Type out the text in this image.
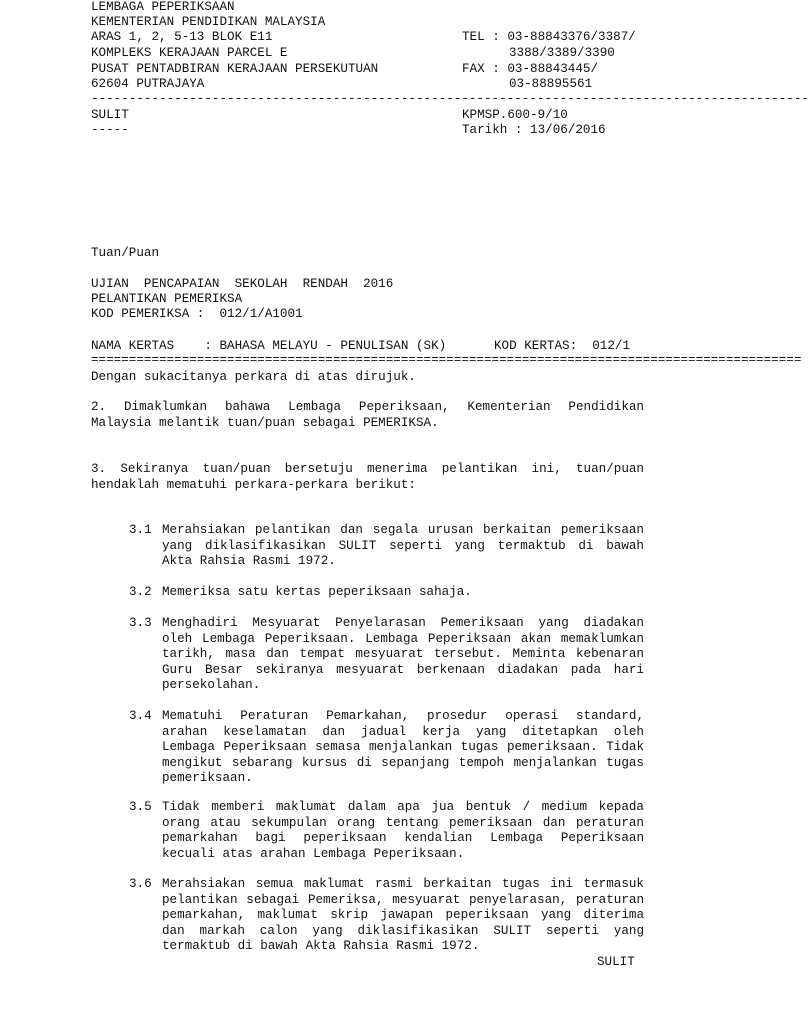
LEMBAGA PEPERIKSAAN
KEMENTERIAN PENDIDIKAN MALAYSIA
ARAS 1, 2, 5-13 BLOK E11
KOMPLEKS KERAJAAN PARCEL E
PUSAT PENTADBIRAN KERAJAAN PERSEKUTUAN
62604 PUTRAJAYA
TEL : 03-88843376/3387/
3388/3389/3390
FAX : 03-88843445/
03-88895561
-----------------------------------------------------------------------------------------------
SULIT
-----
KPMSP.600-9/10
Tarikh : 13/06/2016
Tuan/Puan
UJIAN  PENCAPAIAN  SEKOLAH  RENDAH  2016
PELANTIKAN PEMERIKSA
KOD PEMERIKSA :  012/1/A1001
NAMA KERTAS    : BAHASA MELAYU - PENULISAN (SK)	KOD KERTAS:  012/1
==============================================================================================
Dengan sukacitanya perkara di atas dirujuk.
2. Dimaklumkan bahawa Lembaga Peperiksaan, Kementerian Pendidikan Malaysia melantik tuan/puan sebagai PEMERIKSA.
3. Sekiranya tuan/puan bersetuju menerima pelantikan ini, tuan/puan hendaklah mematuhi perkara-perkara berikut:
3.1 Merahsiakan pelantikan dan segala urusan berkaitan pemeriksaan yang diklasifikasikan SULIT seperti yang termaktub di bawah Akta Rahsia Rasmi 1972.
3.2 Memeriksa satu kertas peperiksaan sahaja.
3.3 Menghadiri Mesyuarat Penyelarasan Pemeriksaan yang diadakan oleh Lembaga Peperiksaan. Lembaga Peperiksaan akan memaklumkan tarikh, masa dan tempat mesyuarat tersebut. Meminta kebenaran Guru Besar sekiranya mesyuarat berkenaan diadakan pada hari persekolahan.
3.4 Mematuhi Peraturan Pemarkahan, prosedur operasi standard, arahan keselamatan dan jadual kerja yang ditetapkan oleh Lembaga Peperiksaan semasa menjalankan tugas pemeriksaan. Tidak mengikut sebarang kursus di sepanjang tempoh menjalankan tugas pemeriksaan.
3.5 Tidak memberi maklumat dalam apa jua bentuk / medium kepada orang atau sekumpulan orang tentang pemeriksaan dan peraturan pemarkahan bagi peperiksaan kendalian Lembaga Peperiksaan kecuali atas arahan Lembaga Peperiksaan.
3.6 Merahsiakan semua maklumat rasmi berkaitan tugas ini termasuk pelantikan sebagai Pemeriksa, mesyuarat penyelarasan, peraturan pemarkahan, maklumat skrip jawapan peperiksaan yang diterima dan markah calon yang diklasifikasikan SULIT seperti yang termaktub di bawah Akta Rahsia Rasmi 1972.
SULIT
